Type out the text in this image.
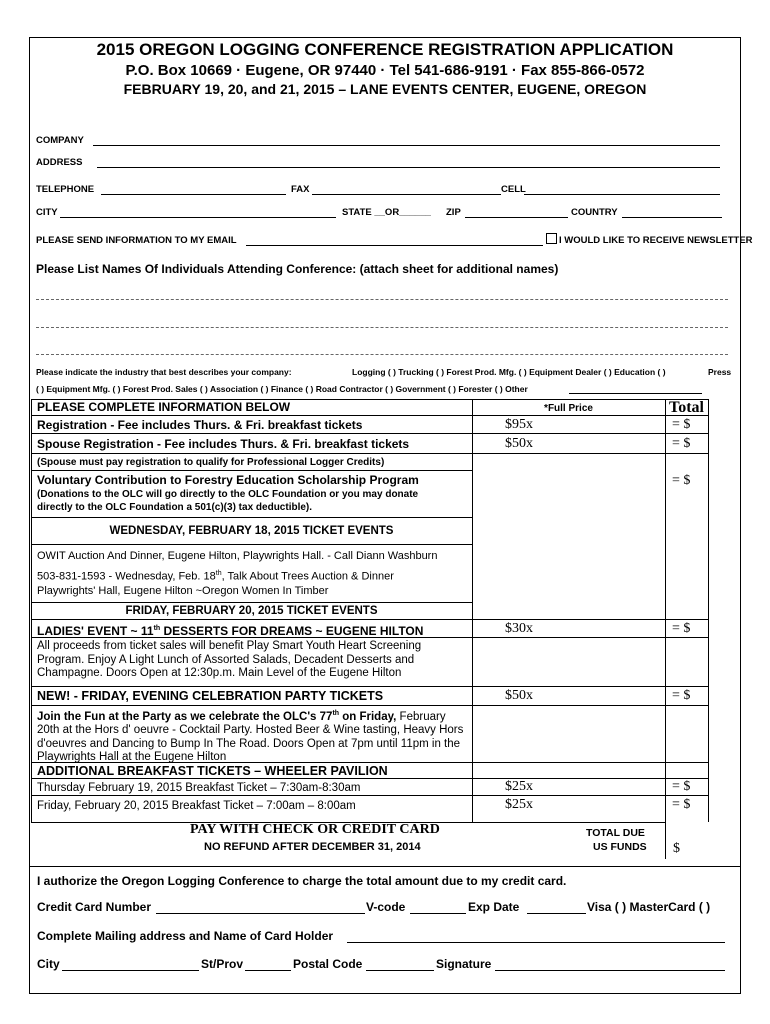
2015 OREGON LOGGING CONFERENCE REGISTRATION APPLICATION
P.O. Box 10669 · Eugene, OR 97440 · Tel 541-686-9191 · Fax 855-866-0572
FEBRUARY 19, 20, and 21, 2015 – LANE EVENTS CENTER, EUGENE, OREGON
COMPANY
ADDRESS
TELEPHONE	FAX	CELL
CITY	STATE __OR______ ZIP	COUNTRY
PLEASE SEND INFORMATION TO MY EMAIL	I WOULD LIKE TO RECEIVE NEWSLETTER
Please List Names Of Individuals Attending Conference: (attach sheet for additional names)
Please indicate the industry that best describes your company:	Logging ( ) Trucking ( ) Forest Prod. Mfg. ( ) Equipment Dealer ( ) Education ( )	Press
( ) Equipment Mfg. ( ) Forest Prod. Sales ( ) Association ( ) Finance ( ) Road Contractor ( ) Government ( ) Forester ( ) Other
PLEASE COMPLETE INFORMATION BELOW	*Full Price	Total
Registration - Fee includes Thurs. & Fri. breakfast tickets	$95x	= $
Spouse Registration - Fee includes Thurs. & Fri. breakfast tickets	$50x	= $
(Spouse must pay registration to qualify for Professional Logger Credits)
Voluntary Contribution to Forestry Education Scholarship Program
(Donations to the OLC will go directly to the OLC Foundation or you may donate
directly to the OLC Foundation a 501(c)(3) tax deductible).
= $
WEDNESDAY, FEBRUARY 18, 2015 TICKET EVENTS
OWIT Auction And Dinner, Eugene Hilton, Playwrights Hall. - Call Diann Washburn
503-831-1593 - Wednesday, Feb. 18th, Talk About Trees Auction & Dinner
Playwrights' Hall, Eugene Hilton ~Oregon Women In Timber
FRIDAY, FEBRUARY 20, 2015 TICKET EVENTS
LADIES' EVENT ~ 11th DESSERTS FOR DREAMS ~ EUGENE HILTON	$30x	= $
All proceeds from ticket sales will benefit Play Smart Youth Heart Screening Program. Enjoy A Light Lunch of Assorted Salads, Decadent Desserts and Champagne. Doors Open at 12:30p.m. Main Level of the Eugene Hilton
NEW! - FRIDAY, EVENING CELEBRATION PARTY TICKETS	$50x	= $
Join the Fun at the Party as we celebrate the OLC's 77th on Friday, February 20th at the Hors d' oeuvre - Cocktail Party. Hosted Beer & Wine tasting, Heavy Hors d'oeuvres and Dancing to Bump In The Road. Doors Open at 7pm until 11pm in the Playwrights Hall at the Eugene Hilton
ADDITIONAL BREAKFAST TICKETS – WHEELER PAVILION
Thursday February 19, 2015 Breakfast Ticket – 7:30am-8:30am	$25x	= $
Friday, February 20, 2015 Breakfast Ticket – 7:00am – 8:00am	$25x	= $
PAY WITH CHECK OR CREDIT CARD
NO REFUND AFTER DECEMBER 31, 2014
TOTAL DUE
US FUNDS $
I authorize the Oregon Logging Conference to charge the total amount due to my credit card.
Credit Card Number	V-code	Exp Date	Visa ( ) MasterCard ( )
Complete Mailing address and Name of Card Holder
City	St/Prov	Postal Code	Signature
